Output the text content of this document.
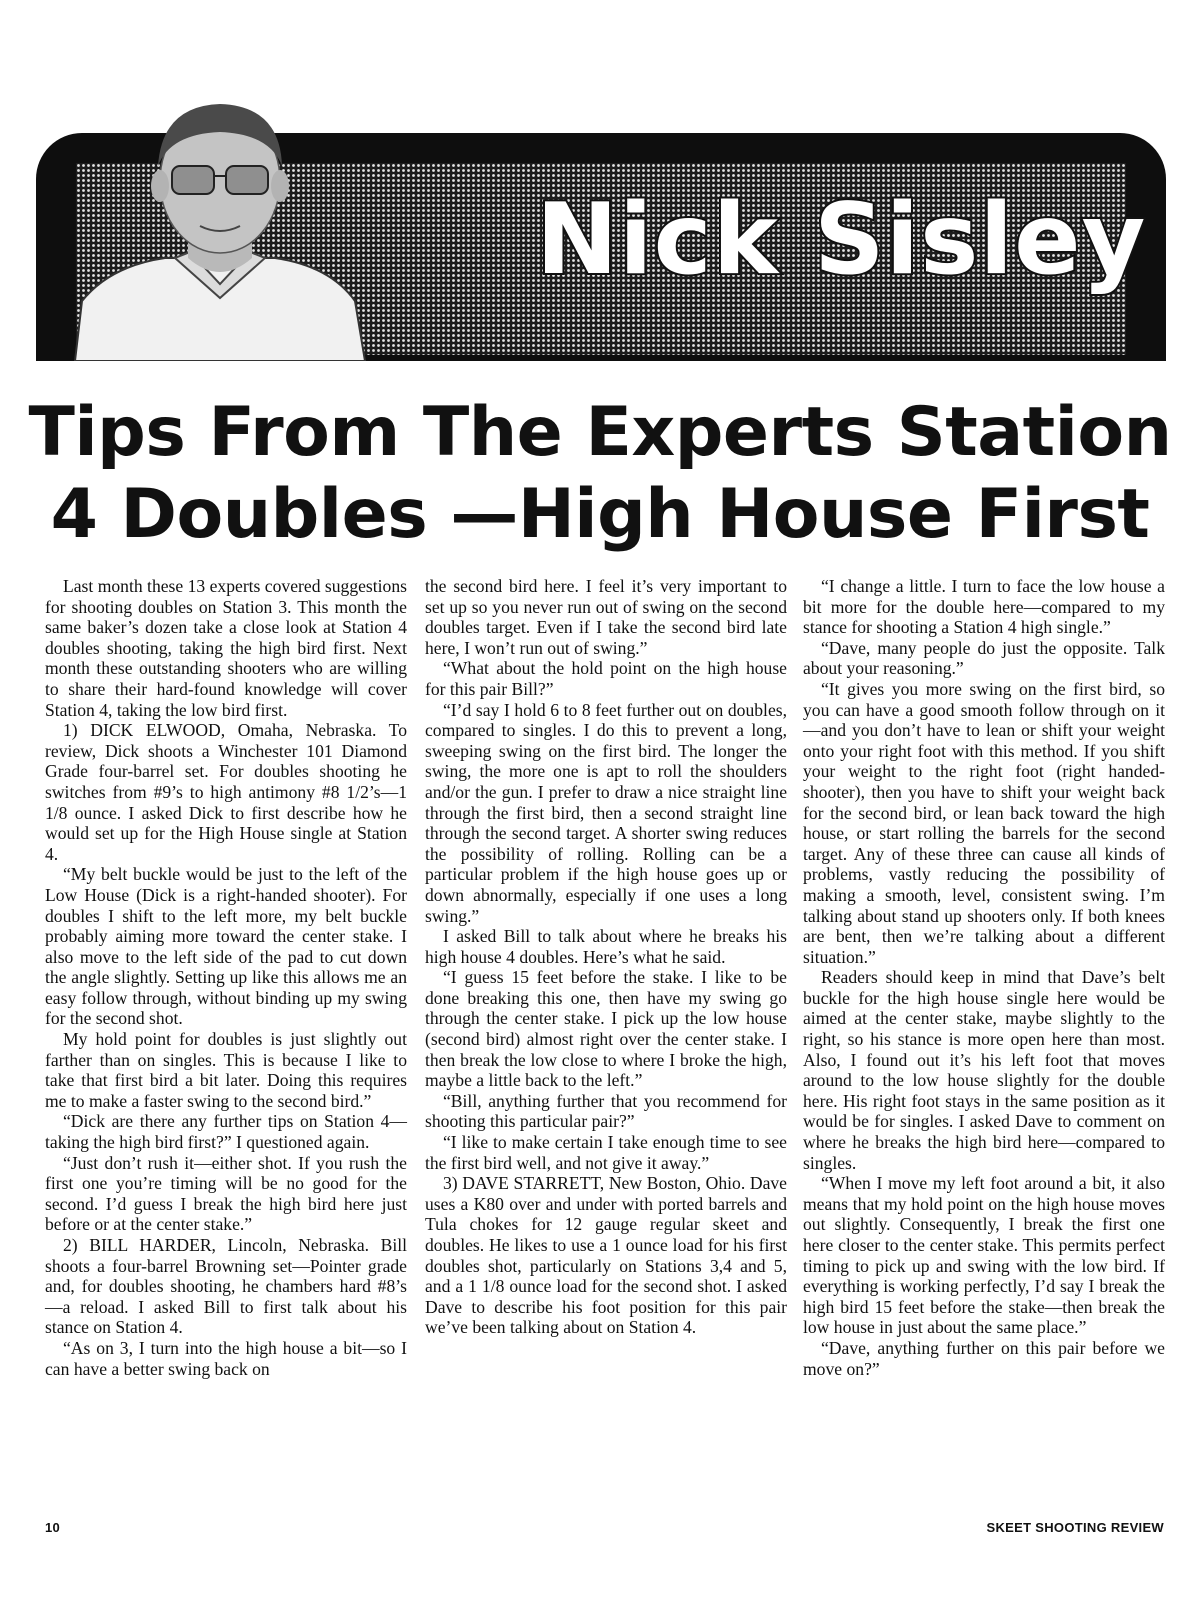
Nick Sisley
Tips From The Experts Station 4 Doubles —High House First

Last month these 13 experts covered suggestions for shooting doubles on Station 3. This month the same baker’s dozen take a close look at Station 4 doubles shooting, taking the high bird first. Next month these outstanding shooters who are willing to share their hard-found knowledge will cover Station 4, taking the low bird first.

1) DICK ELWOOD, Omaha, Nebraska. To review, Dick shoots a Winchester 101 Diamond Grade four-barrel set. For doubles shooting he switches from #9’s to high antimony #8 1/2’s—1 1/8 ounce. I asked Dick to first describe how he would set up for the High House single at Station 4.

“My belt buckle would be just to the left of the Low House (Dick is a right-handed shooter). For doubles I shift to the left more, my belt buckle probably aiming more toward the center stake. I also move to the left side of the pad to cut down the angle slightly. Setting up like this allows me an easy follow through, without binding up my swing for the second shot.

My hold point for doubles is just slightly out farther than on singles. This is because I like to take that first bird a bit later. Doing this requires me to make a faster swing to the second bird.”

“Dick are there any further tips on Station 4—taking the high bird first?” I questioned again.

“Just don’t rush it—either shot. If you rush the first one you’re timing will be no good for the second. I’d guess I break the high bird here just before or at the center stake.”

2) BILL HARDER, Lincoln, Nebraska. Bill shoots a four-barrel Browning set—Pointer grade and, for doubles shooting, he chambers hard #8’s—a reload. I asked Bill to first talk about his stance on Station 4.

“As on 3, I turn into the high house a bit—so I can have a better swing back on

the second bird here. I feel it’s very important to set up so you never run out of swing on the second doubles target. Even if I take the second bird late here, I won’t run out of swing.”

“What about the hold point on the high house for this pair Bill?”

“I’d say I hold 6 to 8 feet further out on doubles, compared to singles. I do this to prevent a long, sweeping swing on the first bird. The longer the swing, the more one is apt to roll the shoulders and/or the gun. I prefer to draw a nice straight line through the first bird, then a second straight line through the second target. A shorter swing reduces the possibility of rolling. Rolling can be a particular problem if the high house goes up or down abnormally, especially if one uses a long swing.”

I asked Bill to talk about where he breaks his high house 4 doubles. Here’s what he said.

“I guess 15 feet before the stake. I like to be done breaking this one, then have my swing go through the center stake. I pick up the low house (second bird) almost right over the center stake. I then break the low close to where I broke the high, maybe a little back to the left.”

“Bill, anything further that you recommend for shooting this particular pair?”

“I like to make certain I take enough time to see the first bird well, and not give it away.”

3) DAVE STARRETT, New Boston, Ohio. Dave uses a K80 over and under with ported barrels and Tula chokes for 12 gauge regular skeet and doubles. He likes to use a 1 ounce load for his first doubles shot, particularly on Stations 3,4 and 5, and a 1 1/8 ounce load for the second shot. I asked Dave to describe his foot position for this pair we’ve been talking about on Station 4.

“I change a little. I turn to face the low house a bit more for the double here—compared to my stance for shooting a Station 4 high single.”

“Dave, many people do just the opposite. Talk about your reasoning.”

“It gives you more swing on the first bird, so you can have a good smooth follow through on it—and you don’t have to lean or shift your weight onto your right foot with this method. If you shift your weight to the right foot (right handed-shooter), then you have to shift your weight back for the second bird, or lean back toward the high house, or start rolling the barrels for the second target. Any of these three can cause all kinds of problems, vastly reducing the possibility of making a smooth, level, consistent swing. I’m talking about stand up shooters only. If both knees are bent, then we’re talking about a different situation.”

Readers should keep in mind that Dave’s belt buckle for the high house single here would be aimed at the center stake, maybe slightly to the right, so his stance is more open here than most. Also, I found out it’s his left foot that moves around to the low house slightly for the double here. His right foot stays in the same position as it would be for singles. I asked Dave to comment on where he breaks the high bird here—compared to singles.

“When I move my left foot around a bit, it also means that my hold point on the high house moves out slightly. Consequently, I break the first one here closer to the center stake. This permits perfect timing to pick up and swing with the low bird. If everything is working perfectly, I’d say I break the high bird 15 feet before the stake—then break the low house in just about the same place.”

“Dave, anything further on this pair before we move on?”

10	SKEET SHOOTING REVIEW
